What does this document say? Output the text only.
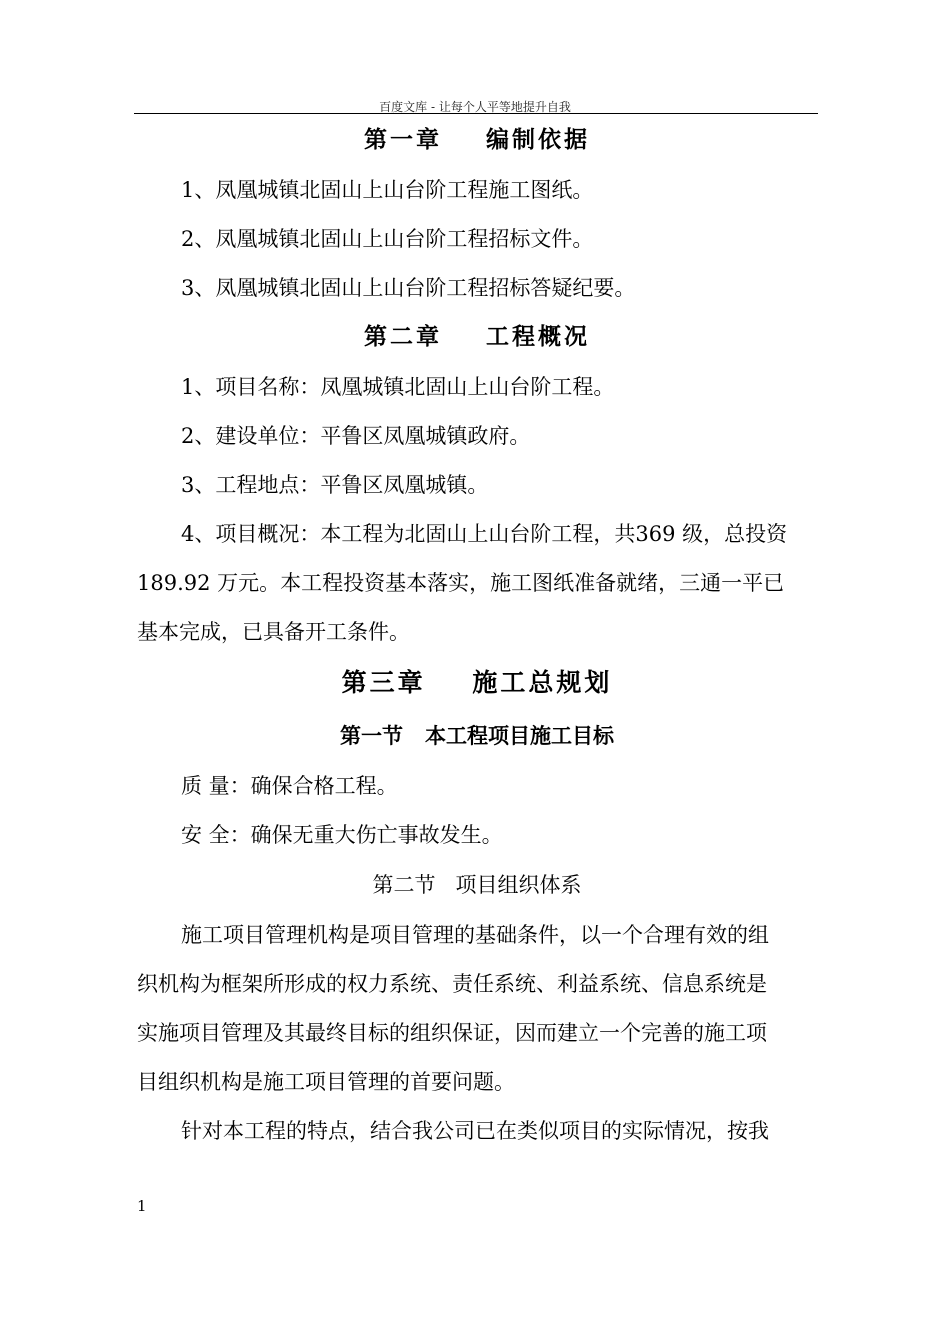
百度文库 - 让每个人平等地提升自我
第一章    编制依据
1、凤凰城镇北固山上山台阶工程施工图纸。
2、凤凰城镇北固山上山台阶工程招标文件。
3、凤凰城镇北固山上山台阶工程招标答疑纪要。
第二章    工程概况
1、项目名称：凤凰城镇北固山上山台阶工程。
2、建设单位：平鲁区凤凰城镇政府。
3、工程地点：平鲁区凤凰城镇。
4、项目概况：本工程为北固山上山台阶工程，共369 级，总投资
189.92 万元。本工程投资基本落实，施工图纸准备就绪，三通一平已
基本完成，已具备开工条件。
第三章    施工总规划
第一节   本工程项目施工目标
质 量：确保合格工程。
安 全：确保无重大伤亡事故发生。
第二节   项目组织体系
施工项目管理机构是项目管理的基础条件，以一个合理有效的组
织机构为框架所形成的权力系统、责任系统、利益系统、信息系统是
实施项目管理及其最终目标的组织保证，因而建立一个完善的施工项
目组织机构是施工项目管理的首要问题。
针对本工程的特点，结合我公司已在类似项目的实际情况，按我
1
